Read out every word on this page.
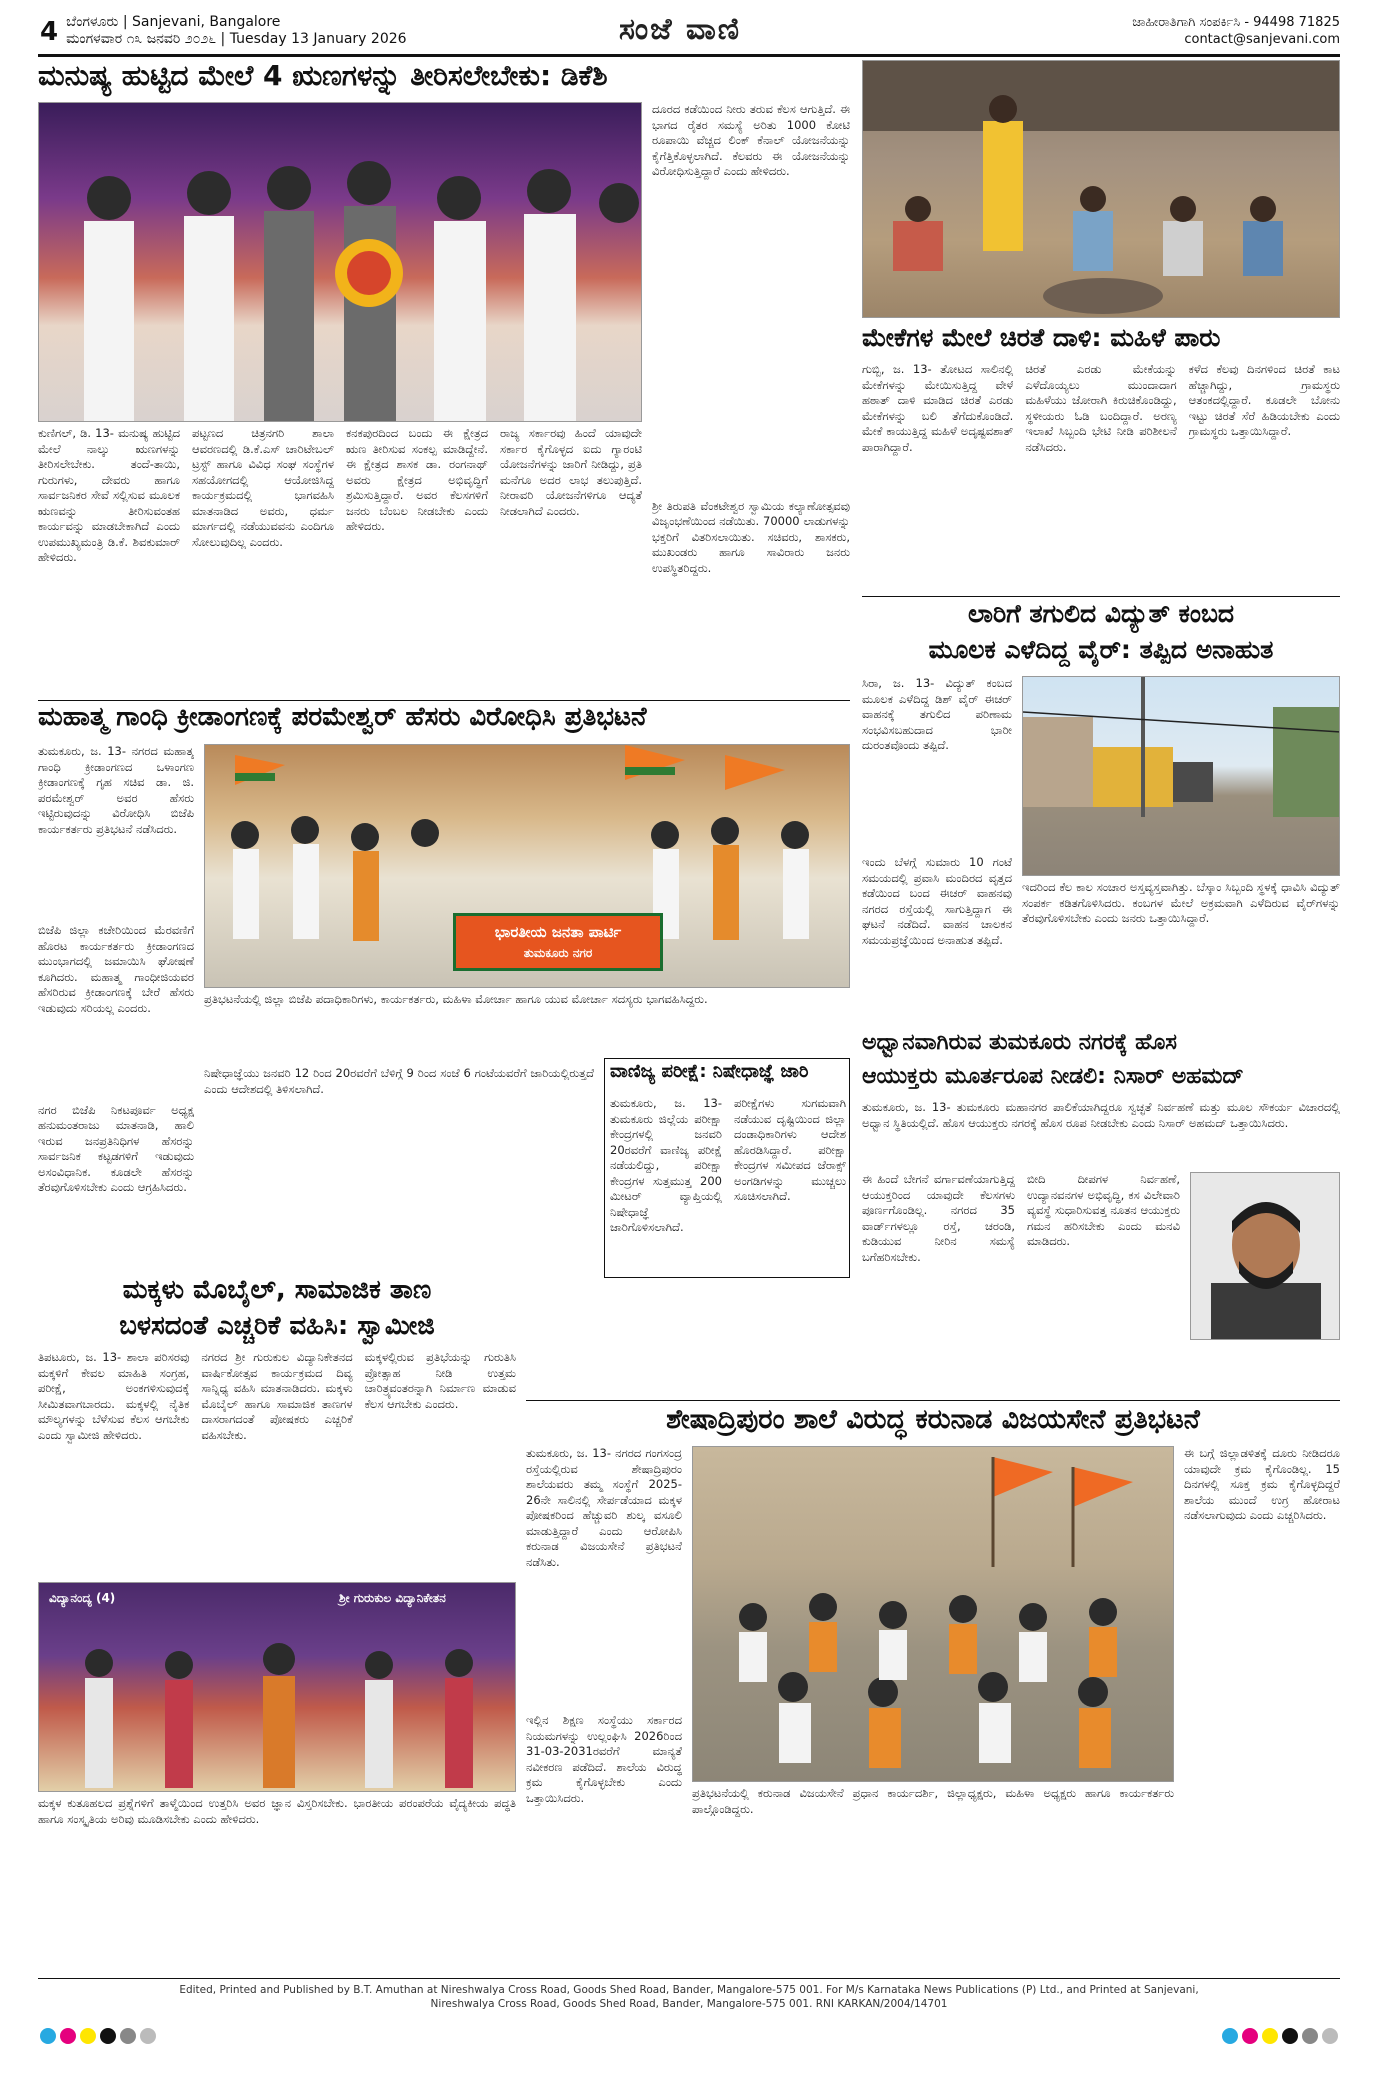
4 ಬೆಂಗಳೂರು | Sanjevani, Bangalore
ಮಂಗಳವಾರ ೧೩ ಜನವರಿ ೨೦೨೬ | Tuesday 13 January 2026	ಸಂಜೆ ವಾಣಿ	ಜಾಹೀರಾತಿಗಾಗಿ ಸಂಪರ್ಕಿಸಿ - 94498 71825
contact@sanjevani.com
ಮನುಷ್ಯ ಹುಟ್ಟಿದ ಮೇಲೆ 4 ಋಣಗಳನ್ನು ತೀರಿಸಲೇಬೇಕು: ಡಿಕೆಶಿ
ಕುಣಿಗಲ್, ಡಿ. 13- ಮನುಷ್ಯ ಹುಟ್ಟಿದ ಮೇಲೆ ನಾಲ್ಕು ಋಣಗಳನ್ನು ತೀರಿಸಲೇಬೇಕು. ತಂದೆ-ತಾಯಿ, ಗುರುಗಳು, ದೇವರು ಹಾಗೂ ಸಾರ್ವಜನಿಕರ ಸೇವೆ ಸಲ್ಲಿಸುವ ಮೂಲಕ ಋಣವನ್ನು ತೀರಿಸುವಂತಹ ಕಾರ್ಯವನ್ನು ಮಾಡಬೇಕಾಗಿದೆ ಎಂದು ಉಪಮುಖ್ಯಮಂತ್ರಿ ಡಿ.ಕೆ. ಶಿವಕುಮಾರ್ ಹೇಳಿದರು.
ಪಟ್ಟಣದ ಚಿತ್ರನಗರಿ ಶಾಲಾ ಆವರಣದಲ್ಲಿ ಡಿ.ಕೆ.ಎಸ್ ಚಾರಿಟೇಬಲ್ ಟ್ರಸ್ಟ್ ಹಾಗೂ ವಿವಿಧ ಸಂಘ ಸಂಸ್ಥೆಗಳ ಸಹಯೋಗದಲ್ಲಿ ಆಯೋಜಿಸಿದ್ದ ಕಾರ್ಯಕ್ರಮದಲ್ಲಿ ಭಾಗವಹಿಸಿ ಮಾತನಾಡಿದ ಅವರು, ಧರ್ಮ ಮಾರ್ಗದಲ್ಲಿ ನಡೆಯುವವನು ಎಂದಿಗೂ ಸೋಲುವುದಿಲ್ಲ ಎಂದರು.
ಕನಕಪುರದಿಂದ ಬಂದು ಈ ಕ್ಷೇತ್ರದ ಋಣ ತೀರಿಸುವ ಸಂಕಲ್ಪ ಮಾಡಿದ್ದೇನೆ. ಈ ಕ್ಷೇತ್ರದ ಶಾಸಕ ಡಾ. ರಂಗನಾಥ್ ಅವರು ಕ್ಷೇತ್ರದ ಅಭಿವೃದ್ಧಿಗೆ ಶ್ರಮಿಸುತ್ತಿದ್ದಾರೆ. ಅವರ ಕೆಲಸಗಳಿಗೆ ಜನರು ಬೆಂಬಲ ನೀಡಬೇಕು ಎಂದು ಹೇಳಿದರು.
ರಾಜ್ಯ ಸರ್ಕಾರವು ಹಿಂದೆ ಯಾವುದೇ ಸರ್ಕಾರ ಕೈಗೊಳ್ಳದ ಐದು ಗ್ಯಾರಂಟಿ ಯೋಜನೆಗಳನ್ನು ಜಾರಿಗೆ ನೀಡಿದ್ದು, ಪ್ರತಿ ಮನೆಗೂ ಅದರ ಲಾಭ ತಲುಪುತ್ತಿದೆ. ನೀರಾವರಿ ಯೋಜನೆಗಳಿಗೂ ಆದ್ಯತೆ ನೀಡಲಾಗಿದೆ ಎಂದರು.
ದೂರದ ಕಡೆಯಿಂದ ನೀರು ತರುವ ಕೆಲಸ ಆಗುತ್ತಿದೆ. ಈ ಭಾಗದ ರೈತರ ಸಮಸ್ಯೆ ಅರಿತು 1000 ಕೋಟಿ ರೂಪಾಯಿ ವೆಚ್ಚದ ಲಿಂಕ್ ಕೆನಾಲ್ ಯೋಜನೆಯನ್ನು ಕೈಗೆತ್ತಿಕೊಳ್ಳಲಾಗಿದೆ. ಕೆಲವರು ಈ ಯೋಜನೆಯನ್ನು ವಿರೋಧಿಸುತ್ತಿದ್ದಾರೆ ಎಂದು ಹೇಳಿದರು.
ಶ್ರೀ ತಿರುಪತಿ ವೆಂಕಟೇಶ್ವರ ಸ್ವಾಮಿಯ ಕಲ್ಯಾಣೋತ್ಸವವು ವಿಜೃಂಭಣೆಯಿಂದ ನಡೆಯಿತು. 70000 ಲಾಡುಗಳನ್ನು ಭಕ್ತರಿಗೆ ವಿತರಿಸಲಾಯಿತು. ಸಚಿವರು, ಶಾಸಕರು, ಮುಖಂಡರು ಹಾಗೂ ಸಾವಿರಾರು ಜನರು ಉಪಸ್ಥಿತರಿದ್ದರು.
ಮೇಕೆಗಳ ಮೇಲೆ ಚಿರತೆ ದಾಳಿ: ಮಹಿಳೆ ಪಾರು
ಗುಬ್ಬಿ, ಜ. 13- ತೋಟದ ಸಾಲಿನಲ್ಲಿ ಮೇಕೆಗಳನ್ನು ಮೇಯಿಸುತ್ತಿದ್ದ ವೇಳೆ ಹಠಾತ್ ದಾಳಿ ಮಾಡಿದ ಚಿರತೆ ಎರಡು ಮೇಕೆಗಳನ್ನು ಬಲಿ ತೆಗೆದುಕೊಂಡಿದೆ. ಮೇಕೆ ಕಾಯುತ್ತಿದ್ದ ಮಹಿಳೆ ಅದೃಷ್ಟವಶಾತ್ ಪಾರಾಗಿದ್ದಾರೆ.
ಚಿರತೆ ಎರಡು ಮೇಕೆಯನ್ನು ಎಳೆದೊಯ್ಯಲು ಮುಂದಾದಾಗ ಮಹಿಳೆಯು ಜೋರಾಗಿ ಕಿರುಚಿಕೊಂಡಿದ್ದು, ಸ್ಥಳೀಯರು ಓಡಿ ಬಂದಿದ್ದಾರೆ. ಅರಣ್ಯ ಇಲಾಖೆ ಸಿಬ್ಬಂದಿ ಭೇಟಿ ನೀಡಿ ಪರಿಶೀಲನೆ ನಡೆಸಿದರು.
ಕಳೆದ ಕೆಲವು ದಿನಗಳಿಂದ ಚಿರತೆ ಕಾಟ ಹೆಚ್ಚಾಗಿದ್ದು, ಗ್ರಾಮಸ್ಥರು ಆತಂಕದಲ್ಲಿದ್ದಾರೆ. ಕೂಡಲೇ ಬೋನು ಇಟ್ಟು ಚಿರತೆ ಸೆರೆ ಹಿಡಿಯಬೇಕು ಎಂದು ಗ್ರಾಮಸ್ಥರು ಒತ್ತಾಯಿಸಿದ್ದಾರೆ.
ಲಾರಿಗೆ ತಗುಲಿದ ವಿದ್ಯುತ್ ಕಂಬದ
ಮೂಲಕ ಎಳೆದಿದ್ದ ವೈರ್: ತಪ್ಪಿದ ಅನಾಹುತ
ಸಿರಾ, ಜ. 13- ವಿದ್ಯುತ್ ಕಂಬದ ಮೂಲಕ ಎಳೆದಿದ್ದ ಡಿಶ್ ವೈರ್ ಈಚರ್ ವಾಹನಕ್ಕೆ ತಗುಲಿದ ಪರಿಣಾಮ ಸಂಭವಿಸಬಹುದಾದ ಭಾರೀ ದುರಂತವೊಂದು ತಪ್ಪಿದೆ.
ಇಂದು ಬೆಳಗ್ಗೆ ಸುಮಾರು 10 ಗಂಟೆ ಸಮಯದಲ್ಲಿ ಪ್ರವಾಸಿ ಮಂದಿರದ ವೃತ್ತದ ಕಡೆಯಿಂದ ಬಂದ ಈಚರ್ ವಾಹನವು ನಗರದ ರಸ್ತೆಯಲ್ಲಿ ಸಾಗುತ್ತಿದ್ದಾಗ ಈ ಘಟನೆ ನಡೆದಿದೆ. ವಾಹನ ಚಾಲಕನ ಸಮಯಪ್ರಜ್ಞೆಯಿಂದ ಅನಾಹುತ ತಪ್ಪಿದೆ.
ಇದರಿಂದ ಕೆಲ ಕಾಲ ಸಂಚಾರ ಅಸ್ತವ್ಯಸ್ತವಾಗಿತ್ತು. ಬೆಸ್ಕಾಂ ಸಿಬ್ಬಂದಿ ಸ್ಥಳಕ್ಕೆ ಧಾವಿಸಿ ವಿದ್ಯುತ್ ಸಂಪರ್ಕ ಕಡಿತಗೊಳಿಸಿದರು. ಕಂಬಗಳ ಮೇಲೆ ಅಕ್ರಮವಾಗಿ ಎಳೆದಿರುವ ವೈರ್‌ಗಳನ್ನು ತೆರವುಗೊಳಿಸಬೇಕು ಎಂದು ಜನರು ಒತ್ತಾಯಿಸಿದ್ದಾರೆ.
ಮಹಾತ್ಮ ಗಾಂಧಿ ಕ್ರೀಡಾಂಗಣಕ್ಕೆ ಪರಮೇಶ್ವರ್ ಹೆಸರು ವಿರೋಧಿಸಿ ಪ್ರತಿಭಟನೆ
ತುಮಕೂರು, ಜ. 13- ನಗರದ ಮಹಾತ್ಮ ಗಾಂಧಿ ಕ್ರೀಡಾಂಗಣದ ಒಳಾಂಗಣ ಕ್ರೀಡಾಂಗಣಕ್ಕೆ ಗೃಹ ಸಚಿವ ಡಾ. ಜಿ. ಪರಮೇಶ್ವರ್ ಅವರ ಹೆಸರು ಇಟ್ಟಿರುವುದನ್ನು ವಿರೋಧಿಸಿ ಬಿಜೆಪಿ ಕಾರ್ಯಕರ್ತರು ಪ್ರತಿಭಟನೆ ನಡೆಸಿದರು.
ಬಿಜೆಪಿ ಜಿಲ್ಲಾ ಕಚೇರಿಯಿಂದ ಮೆರವಣಿಗೆ ಹೊರಟ ಕಾರ್ಯಕರ್ತರು ಕ್ರೀಡಾಂಗಣದ ಮುಂಭಾಗದಲ್ಲಿ ಜಮಾಯಿಸಿ ಘೋಷಣೆ ಕೂಗಿದರು. ಮಹಾತ್ಮ ಗಾಂಧೀಜಿಯವರ ಹೆಸರಿರುವ ಕ್ರೀಡಾಂಗಣಕ್ಕೆ ಬೇರೆ ಹೆಸರು ಇಡುವುದು ಸರಿಯಲ್ಲ ಎಂದರು.
ನಗರ ಬಿಜೆಪಿ ನಿಕಟಪೂರ್ವ ಅಧ್ಯಕ್ಷ ಹನುಮಂತರಾಜು ಮಾತನಾಡಿ, ಹಾಲಿ ಇರುವ ಜನಪ್ರತಿನಿಧಿಗಳ ಹೆಸರನ್ನು ಸಾರ್ವಜನಿಕ ಕಟ್ಟಡಗಳಿಗೆ ಇಡುವುದು ಅಸಂವಿಧಾನಿಕ. ಕೂಡಲೇ ಹೆಸರನ್ನು ತೆರವುಗೊಳಿಸಬೇಕು ಎಂದು ಆಗ್ರಹಿಸಿದರು.
ಭಾರತೀಯ ಜನತಾ ಪಾರ್ಟಿ
ತುಮಕೂರು ನಗರ
ಪ್ರತಿಭಟನೆಯಲ್ಲಿ ಜಿಲ್ಲಾ ಬಿಜೆಪಿ ಪದಾಧಿಕಾರಿಗಳು, ಕಾರ್ಯಕರ್ತರು, ಮಹಿಳಾ ಮೋರ್ಚಾ ಹಾಗೂ ಯುವ ಮೋರ್ಚಾ ಸದಸ್ಯರು ಭಾಗವಹಿಸಿದ್ದರು.
ವಾಣಿಜ್ಯ ಪರೀಕ್ಷೆ: ನಿಷೇಧಾಜ್ಞೆ ಜಾರಿ
ತುಮಕೂರು, ಜ. 13- ತುಮಕೂರು ಜಿಲ್ಲೆಯ ಪರೀಕ್ಷಾ ಕೇಂದ್ರಗಳಲ್ಲಿ ಜನವರಿ 20ರವರೆಗೆ ವಾಣಿಜ್ಯ ಪರೀಕ್ಷೆ ನಡೆಯಲಿದ್ದು, ಪರೀಕ್ಷಾ ಕೇಂದ್ರಗಳ ಸುತ್ತಮುತ್ತ 200 ಮೀಟರ್ ವ್ಯಾಪ್ತಿಯಲ್ಲಿ ನಿಷೇಧಾಜ್ಞೆ ಜಾರಿಗೊಳಿಸಲಾಗಿದೆ.
ಪರೀಕ್ಷೆಗಳು ಸುಗಮವಾಗಿ ನಡೆಯುವ ದೃಷ್ಟಿಯಿಂದ ಜಿಲ್ಲಾ ದಂಡಾಧಿಕಾರಿಗಳು ಆದೇಶ ಹೊರಡಿಸಿದ್ದಾರೆ. ಪರೀಕ್ಷಾ ಕೇಂದ್ರಗಳ ಸಮೀಪದ ಜೆರಾಕ್ಸ್ ಅಂಗಡಿಗಳನ್ನು ಮುಚ್ಚಲು ಸೂಚಿಸಲಾಗಿದೆ.
ನಿಷೇಧಾಜ್ಞೆಯು ಜನವರಿ 12 ರಿಂದ 20ರವರೆಗೆ ಬೆಳಿಗ್ಗೆ 9 ರಿಂದ ಸಂಜೆ 6 ಗಂಟೆಯವರೆಗೆ ಜಾರಿಯಲ್ಲಿರುತ್ತದೆ ಎಂದು ಆದೇಶದಲ್ಲಿ ತಿಳಿಸಲಾಗಿದೆ.
ಅಧ್ವಾನವಾಗಿರುವ ತುಮಕೂರು ನಗರಕ್ಕೆ ಹೊಸ
ಆಯುಕ್ತರು ಮೂರ್ತರೂಪ ನೀಡಲಿ: ನಿಸಾರ್ ಅಹಮದ್
ತುಮಕೂರು, ಜ. 13- ತುಮಕೂರು ಮಹಾನಗರ ಪಾಲಿಕೆಯಾಗಿದ್ದರೂ ಸ್ವಚ್ಛತೆ ನಿರ್ವಹಣೆ ಮತ್ತು ಮೂಲ ಸೌಕರ್ಯ ವಿಚಾರದಲ್ಲಿ ಅಧ್ವಾನ ಸ್ಥಿತಿಯಲ್ಲಿದೆ. ಹೊಸ ಆಯುಕ್ತರು ನಗರಕ್ಕೆ ಹೊಸ ರೂಪ ನೀಡಬೇಕು ಎಂದು ನಿಸಾರ್ ಅಹಮದ್ ಒತ್ತಾಯಿಸಿದರು.
ಈ ಹಿಂದೆ ಬೇಗನೆ ವರ್ಗಾವಣೆಯಾಗುತ್ತಿದ್ದ ಆಯುಕ್ತರಿಂದ ಯಾವುದೇ ಕೆಲಸಗಳು ಪೂರ್ಣಗೊಂಡಿಲ್ಲ. ನಗರದ 35 ವಾರ್ಡ್‌ಗಳಲ್ಲೂ ರಸ್ತೆ, ಚರಂಡಿ, ಕುಡಿಯುವ ನೀರಿನ ಸಮಸ್ಯೆ ಬಗೆಹರಿಸಬೇಕು.
ಬೀದಿ ದೀಪಗಳ ನಿರ್ವಹಣೆ, ಉದ್ಯಾನವನಗಳ ಅಭಿವೃದ್ಧಿ, ಕಸ ವಿಲೇವಾರಿ ವ್ಯವಸ್ಥೆ ಸುಧಾರಿಸುವತ್ತ ನೂತನ ಆಯುಕ್ತರು ಗಮನ ಹರಿಸಬೇಕು ಎಂದು ಮನವಿ ಮಾಡಿದರು.
ಮಕ್ಕಳು ಮೊಬೈಲ್, ಸಾಮಾಜಿಕ ತಾಣ
ಬಳಸದಂತೆ ಎಚ್ಚರಿಕೆ ವಹಿಸಿ: ಸ್ವಾಮೀಜಿ
ತಿಪಟೂರು, ಜ. 13- ಶಾಲಾ ಪರಿಸರವು ಮಕ್ಕಳಿಗೆ ಕೇವಲ ಮಾಹಿತಿ ಸಂಗ್ರಹ, ಪರೀಕ್ಷೆ, ಅಂಕಗಳಿಸುವುದಕ್ಕೆ ಸೀಮಿತವಾಗಬಾರದು. ಮಕ್ಕಳಲ್ಲಿ ನೈತಿಕ ಮೌಲ್ಯಗಳನ್ನು ಬೆಳೆಸುವ ಕೆಲಸ ಆಗಬೇಕು ಎಂದು ಸ್ವಾಮೀಜಿ ಹೇಳಿದರು.
ನಗರದ ಶ್ರೀ ಗುರುಕುಲ ವಿದ್ಯಾನಿಕೇತನದ ವಾರ್ಷಿಕೋತ್ಸವ ಕಾರ್ಯಕ್ರಮದ ದಿವ್ಯ ಸಾನ್ನಿಧ್ಯ ವಹಿಸಿ ಮಾತನಾಡಿದರು. ಮಕ್ಕಳು ಮೊಬೈಲ್ ಹಾಗೂ ಸಾಮಾಜಿಕ ತಾಣಗಳ ದಾಸರಾಗದಂತೆ ಪೋಷಕರು ಎಚ್ಚರಿಕೆ ವಹಿಸಬೇಕು.
ಮಕ್ಕಳಲ್ಲಿರುವ ಪ್ರತಿಭೆಯನ್ನು ಗುರುತಿಸಿ ಪ್ರೋತ್ಸಾಹ ನೀಡಿ ಉತ್ತಮ ಚಾರಿತ್ರ್ಯವಂತರನ್ನಾಗಿ ನಿರ್ಮಾಣ ಮಾಡುವ ಕೆಲಸ ಆಗಬೇಕು ಎಂದರು.
ವಿದ್ಯಾನಂದ್ಯ (4)	ಶ್ರೀ ಗುರುಕುಲ ವಿದ್ಯಾನಿಕೇತನ
ಮಕ್ಕಳ ಕುತೂಹಲದ ಪ್ರಶ್ನೆಗಳಿಗೆ ತಾಳ್ಮೆಯಿಂದ ಉತ್ತರಿಸಿ ಅವರ ಜ್ಞಾನ ವಿಸ್ತರಿಸಬೇಕು. ಭಾರತೀಯ ಪರಂಪರೆಯ ವೈದ್ಯಕೀಯ ಪದ್ಧತಿ ಹಾಗೂ ಸಂಸ್ಕೃತಿಯ ಅರಿವು ಮೂಡಿಸಬೇಕು ಎಂದು ಹೇಳಿದರು.
ಶೇಷಾದ್ರಿಪುರಂ ಶಾಲೆ ವಿರುದ್ಧ ಕರುನಾಡ ವಿಜಯಸೇನೆ ಪ್ರತಿಭಟನೆ
ತುಮಕೂರು, ಜ. 13- ನಗರದ ಗಂಗಸಂದ್ರ ರಸ್ತೆಯಲ್ಲಿರುವ ಶೇಷಾದ್ರಿಪುರಂ ಶಾಲೆಯವರು ತಮ್ಮ ಸಂಸ್ಥೆಗೆ 2025-26ನೇ ಸಾಲಿನಲ್ಲಿ ಸೇರ್ಪಡೆಯಾದ ಮಕ್ಕಳ ಪೋಷಕರಿಂದ ಹೆಚ್ಚುವರಿ ಶುಲ್ಕ ವಸೂಲಿ ಮಾಡುತ್ತಿದ್ದಾರೆ ಎಂದು ಆರೋಪಿಸಿ ಕರುನಾಡ ವಿಜಯಸೇನೆ ಪ್ರತಿಭಟನೆ ನಡೆಸಿತು.
ಇಲ್ಲಿನ ಶಿಕ್ಷಣ ಸಂಸ್ಥೆಯು ಸರ್ಕಾರದ ನಿಯಮಗಳನ್ನು ಉಲ್ಲಂಘಿಸಿ 2026ರಿಂದ 31-03-2031ರವರೆಗೆ ಮಾನ್ಯತೆ ನವೀಕರಣ ಪಡೆದಿದೆ. ಶಾಲೆಯ ವಿರುದ್ಧ ಕ್ರಮ ಕೈಗೊಳ್ಳಬೇಕು ಎಂದು ಒತ್ತಾಯಿಸಿದರು.	ಪ್ರತಿಭಟನೆಯಲ್ಲಿ ಕರುನಾಡ ವಿಜಯಸೇನೆ ಪ್ರಧಾನ ಕಾರ್ಯದರ್ಶಿ, ಜಿಲ್ಲಾಧ್ಯಕ್ಷರು, ಮಹಿಳಾ ಅಧ್ಯಕ್ಷರು ಹಾಗೂ ಕಾರ್ಯಕರ್ತರು ಪಾಲ್ಗೊಂಡಿದ್ದರು.
ಈ ಬಗ್ಗೆ ಜಿಲ್ಲಾಡಳಿತಕ್ಕೆ ದೂರು ನೀಡಿದರೂ ಯಾವುದೇ ಕ್ರಮ ಕೈಗೊಂಡಿಲ್ಲ. 15 ದಿನಗಳಲ್ಲಿ ಸೂಕ್ತ ಕ್ರಮ ಕೈಗೊಳ್ಳದಿದ್ದರೆ ಶಾಲೆಯ ಮುಂದೆ ಉಗ್ರ ಹೋರಾಟ ನಡೆಸಲಾಗುವುದು ಎಂದು ಎಚ್ಚರಿಸಿದರು.
Edited, Printed and Published by B.T. Amuthan at Nireshwalya Cross Road, Goods Shed Road, Bander, Mangalore-575 001. For M/s Karnataka News Publications (P) Ltd., and Printed at Sanjevani,
Nireshwalya Cross Road, Goods Shed Road, Bander, Mangalore-575 001. RNI KARKAN/2004/14701
